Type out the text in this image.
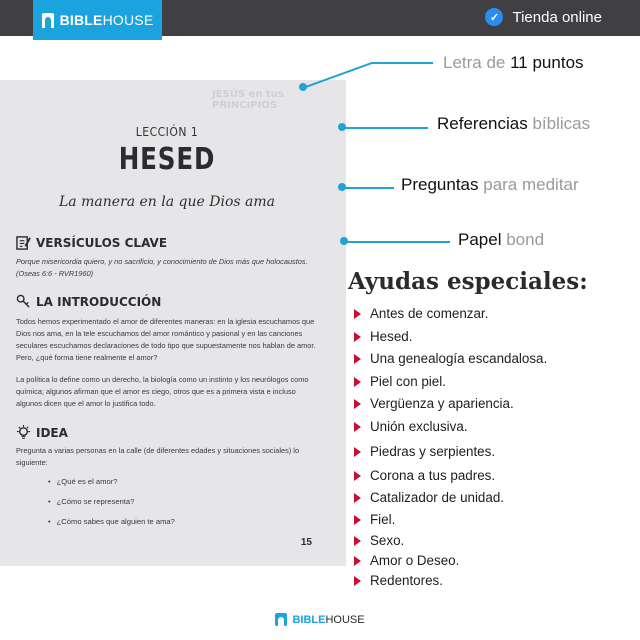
BIBLEHOUSE	✓ Tienda online
JESÚS en tus PRINCIPIOS
LECCIÓN 1
HESED
La manera en la que Dios ama
VERSÍCULOS CLAVE
Porque misericordia quiero, y no sacrificio, y conocimiento de Dios más que holocaustos. (Oseas 6:6 - RVR1960)
LA INTRODUCCIÓN
Todos hemos experimentado el amor de diferentes maneras: en la iglesia escuchamos que Dios nos ama, en la tele escuchamos del amor romántico y pasional y en las canciones seculares escuchamos declaraciones de todo tipo que supuestamente nos hablan de amor. Pero, ¿qué forma tiene realmente el amor?
La política lo define como un derecho, la biología como un instinto y los neurólogos como química; algunos afirman que el amor es ciego, otros que es a primera vista e incluso algunos dicen que el amor lo justifica todo.
IDEA
Pregunta a varias personas en la calle (de diferentes edades y situaciones sociales) lo siguiente:
• ¿Qué es el amor?
• ¿Cómo se representa?
• ¿Cómo sabes que alguien te ama?
15
Letra de 11 puntos
Referencias bíblicas
Preguntas para meditar
Papel bond
Ayudas especiales:
Antes de comenzar.
Hesed.
Una genealogía escandalosa.
Piel con piel.
Vergüenza y apariencia.
Unión exclusiva.
Piedras y serpientes.
Corona a tus padres.
Catalizador de unidad.
Fiel.
Sexo.
Amor o Deseo.
Redentores.
BIBLEHOUSE
